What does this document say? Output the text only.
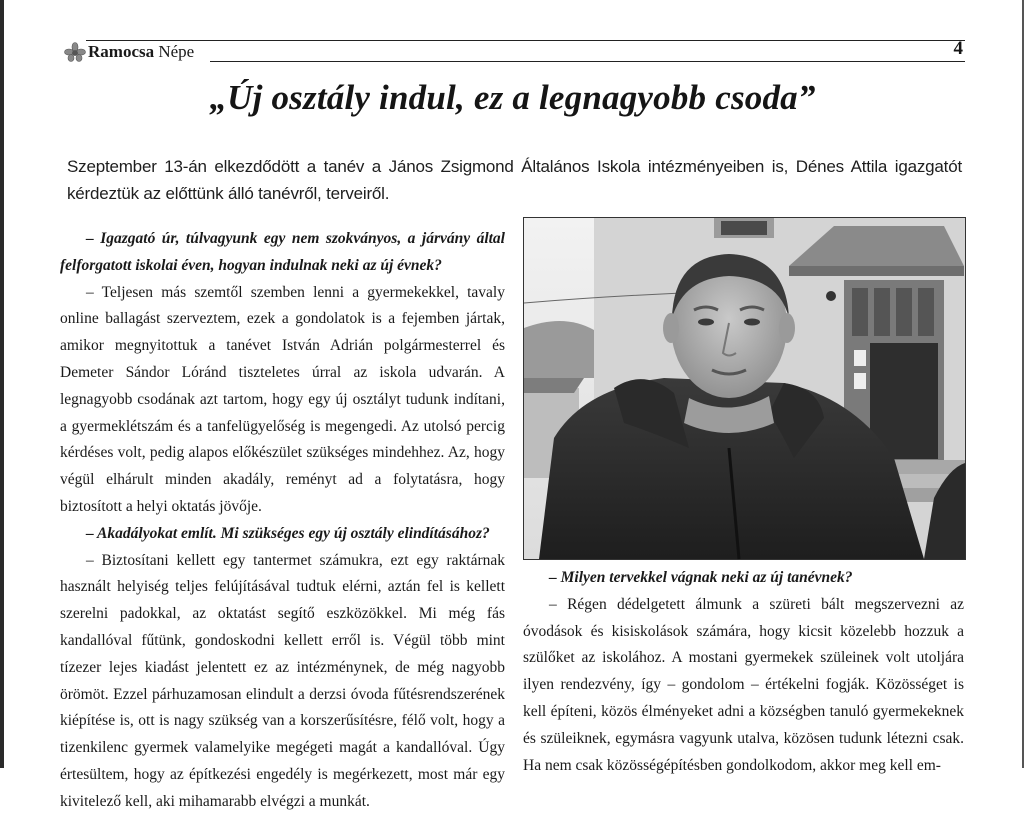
Ramocsa Népe	4
„Új osztály indul, ez a legnagyobb csoda”
Szeptember 13-án elkezdődött a tanév a János Zsigmond Általános Iskola intézményeiben is, Dénes Attila igazgatót kérdeztük az előttünk álló tanévről, terveiről.

– Igazgató úr, túlvagyunk egy nem szokványos, a járvány által felforgatott iskolai éven, hogyan indulnak neki az új évnek?

– Teljesen más szemtől szemben lenni a gyermekekkel, tavaly online ballagást szerveztem, ezek a gondolatok is a fejemben jártak, amikor megnyitottuk a tanévet István Adrián polgármesterrel és Demeter Sándor Lóránd tiszteletes úrral az iskola udvarán. A legnagyobb csodának azt tartom, hogy egy új osztályt tudunk indítani, a gyermeklétszám és a tanfelügyelőség is megengedi. Az utolsó percig kérdéses volt, pedig alapos előkészület szükséges mindehhez. Az, hogy végül elhárult minden akadály, reményt ad a folytatásra, hogy biztosított a helyi oktatás jövője.

– Akadályokat említ. Mi szükséges egy új osztály elindításához?

– Biztosítani kellett egy tantermet számukra, ezt egy raktárnak használt helyiség teljes felújításával tudtuk elérni, aztán fel is kellett szerelni padokkal, az oktatást segítő eszközökkel. Mi még fás kandallóval fűtünk, gondoskodni kellett erről is. Végül több mint tízezer lejes kiadást jelentett ez az intézménynek, de még nagyobb örömöt. Ezzel párhuzamosan elindult a derzsi óvoda fűtésrendszerének kiépítése is, ott is nagy szükség van a korszerűsítésre, félő volt, hogy a tizenkilenc gyermek valamelyike megégeti magát a kandallóval. Úgy értesültem, hogy az építkezési engedély is megérkezett, most már egy kivitelező kell, aki mihamarabb elvégzi a munkát.

– Milyen tervekkel vágnak neki az új tanévnek?

– Régen dédelgetett álmunk a szüreti bált megszervezni az óvodások és kisiskolások számára, hogy kicsit közelebb hozzuk a szülőket az iskolához. A mostani gyermekek szüleinek volt utoljára ilyen rendezvény, így – gondolom – értékelni fogják. Közösséget is kell építeni, közös élményeket adni a községben tanuló gyermekeknek és szüleiknek, egymásra vagyunk utalva, közösen tudunk létezni csak. Ha nem csak közösségépítésben gondolkodom, akkor meg kell em-
